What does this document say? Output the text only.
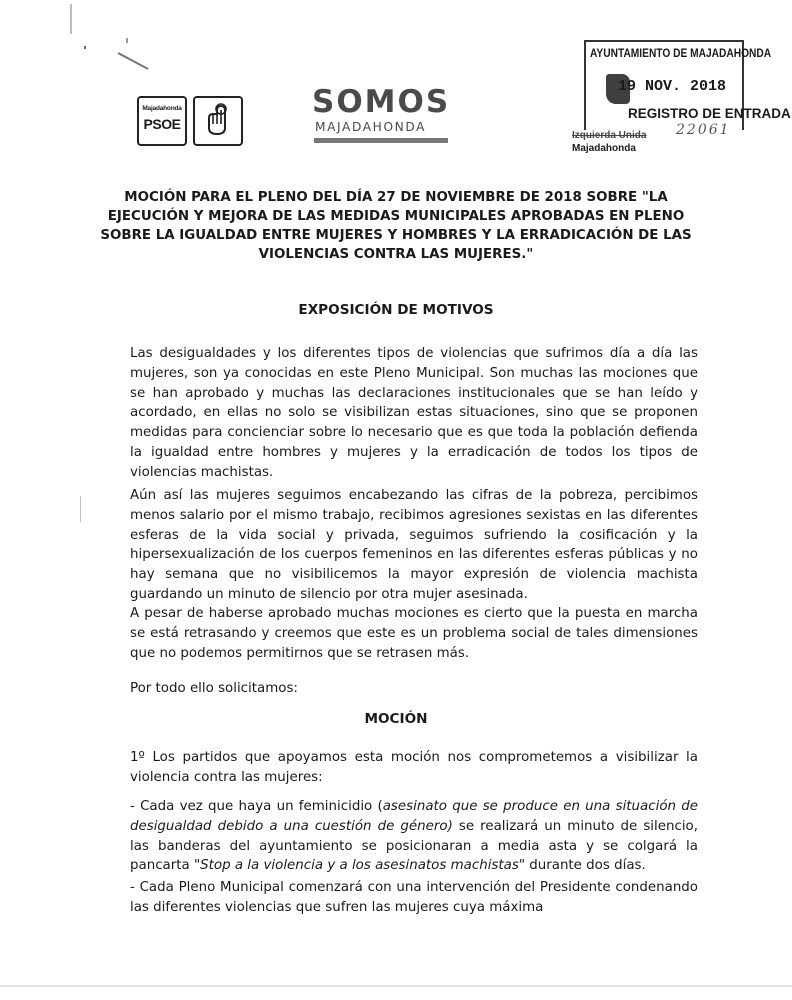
Majadahonda
PSOE
SOMOS
MAJADAHONDA
AYUNTAMIENTO DE MAJADAHONDA
19 NOV. 2018
REGISTRO DE ENTRADA
22061
Izquierda Unida
Majadahonda
MOCIÓN PARA EL PLENO DEL DÍA 27 DE NOVIEMBRE DE 2018 SOBRE "LA EJECUCIÓN Y MEJORA DE LAS MEDIDAS MUNICIPALES APROBADAS EN PLENO SOBRE LA IGUALDAD ENTRE MUJERES Y HOMBRES Y LA ERRADICACIÓN DE LAS VIOLENCIAS CONTRA LAS MUJERES."
EXPOSICIÓN DE MOTIVOS
Las desigualdades y los diferentes tipos de violencias que sufrimos día a día las mujeres, son ya conocidas en este Pleno Municipal. Son muchas las mociones que se han aprobado y muchas las declaraciones institucionales que se han leído y acordado, en ellas no solo se visibilizan estas situaciones, sino que se proponen medidas para concienciar sobre lo necesario que es que toda la población defienda la igualdad entre hombres y mujeres y la erradicación de todos los tipos de violencias machistas.
Aún así las mujeres seguimos encabezando las cifras de la pobreza, percibimos menos salario por el mismo trabajo, recibimos agresiones sexistas en las diferentes esferas de la vida social y privada, seguimos sufriendo la cosificación y la hipersexualización de los cuerpos femeninos en las diferentes esferas públicas y no hay semana que no visibilicemos la mayor expresión de violencia machista guardando un minuto de silencio por otra mujer asesinada.
A pesar de haberse aprobado muchas mociones es cierto que la puesta en marcha se está retrasando y creemos que este es un problema social de tales dimensiones que no podemos permitirnos que se retrasen más.
Por todo ello solicitamos:
MOCIÓN
1º Los partidos que apoyamos esta moción nos comprometemos a visibilizar la violencia contra las mujeres:
- Cada vez que haya un feminicidio (asesinato que se produce en una situación de desigualdad debido a una cuestión de género) se realizará un minuto de silencio, las banderas del ayuntamiento se posicionaran a media asta y se colgará la pancarta "Stop a la violencia y a los asesinatos machistas" durante dos días.
- Cada Pleno Municipal comenzará con una intervención del Presidente condenando las diferentes violencias que sufren las mujeres cuya máxima
